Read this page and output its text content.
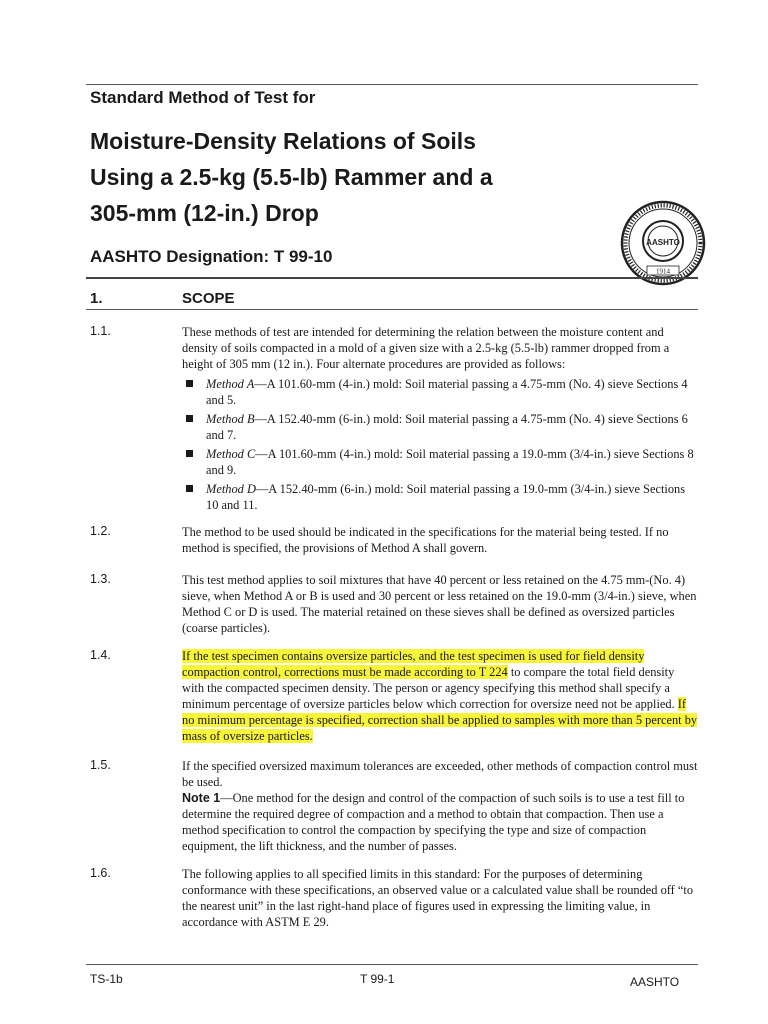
Standard Method of Test for
Moisture-Density Relations of Soils
Using a 2.5-kg (5.5-lb) Rammer and a
305-mm (12-in.) Drop
AASHTO
1914
AASHTO Designation: T 99-10
1.	SCOPE
1.1.	These methods of test are intended for determining the relation between the moisture content and density of soils compacted in a mold of a given size with a 2.5-kg (5.5-lb) rammer dropped from a height of 305 mm (12 in.). Four alternate procedures are provided as follows:

Method A—A 101.60-mm (4-in.) mold: Soil material passing a 4.75-mm (No. 4) sieve Sections 4 and 5.
Method B—A 152.40-mm (6-in.) mold: Soil material passing a 4.75-mm (No. 4) sieve Sections 6 and 7.
Method C—A 101.60-mm (4-in.) mold: Soil material passing a 19.0-mm (3/4-in.) sieve Sections 8 and 9.
Method D—A 152.40-mm (6-in.) mold: Soil material passing a 19.0-mm (3/4-in.) sieve Sections 10 and 11.
1.2.	The method to be used should be indicated in the specifications for the material being tested. If no method is specified, the provisions of Method A shall govern.

1.3.	This test method applies to soil mixtures that have 40 percent or less retained on the 4.75 mm-(No. 4) sieve, when Method A or B is used and 30 percent or less retained on the 19.0-mm (3/4-in.) sieve, when Method C or D is used. The material retained on these sieves shall be defined as oversized particles (coarse particles).

1.4.	If the test specimen contains oversize particles, and the test specimen is used for field density compaction control, corrections must be made according to T 224 to compare the total field density with the compacted specimen density. The person or agency specifying this method shall specify a minimum percentage of oversize particles below which correction for oversize need not be applied. If no minimum percentage is specified, correction shall be applied to samples with more than 5 percent by mass of oversize particles.

1.5.	If the specified oversized maximum tolerances are exceeded, other methods of compaction control must be used.

Note 1—One method for the design and control of the compaction of such soils is to use a test fill to determine the required degree of compaction and a method to obtain that compaction. Then use a method specification to control the compaction by specifying the type and size of compaction equipment, the lift thickness, and the number of passes.

1.6.	The following applies to all specified limits in this standard: For the purposes of determining conformance with these specifications, an observed value or a calculated value shall be rounded off “to the nearest unit” in the last right-hand place of figures used in expressing the limiting value, in accordance with ASTM E 29.

TS-1b	T 99-1	AASHTO
